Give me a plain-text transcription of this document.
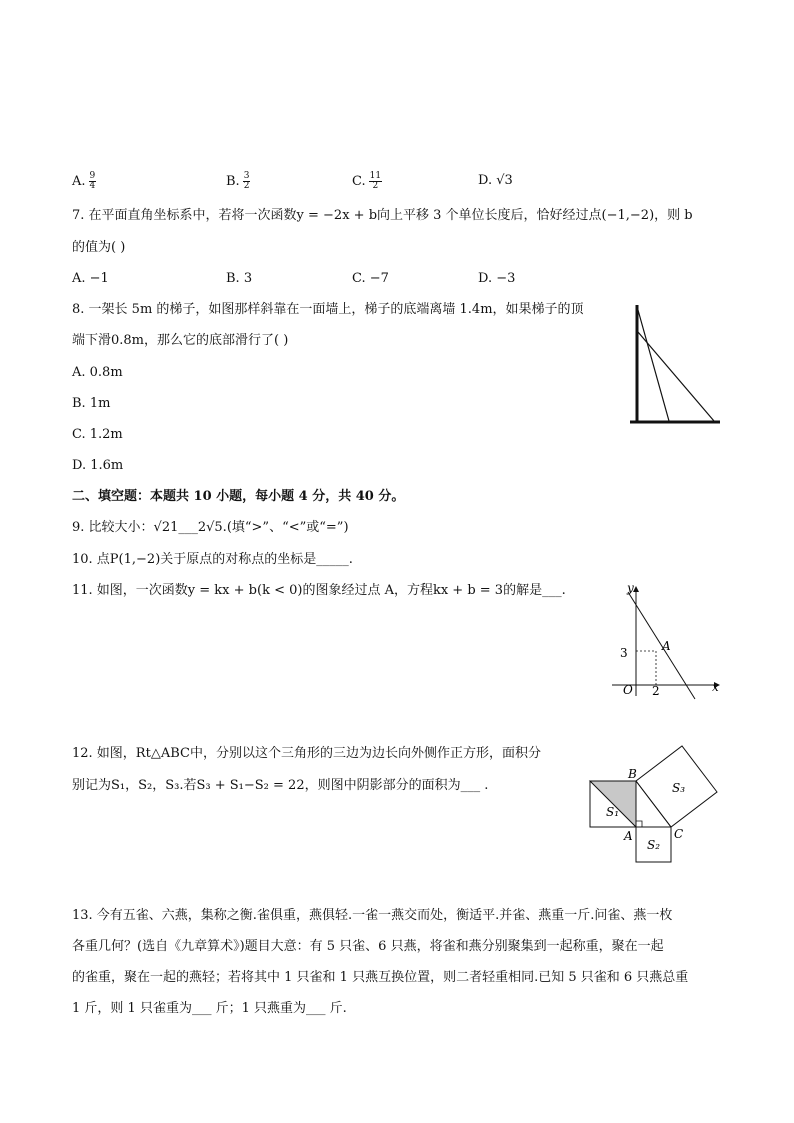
A. $\frac{9}{4}$	B. $\frac{3}{2}$	C. $\frac{11}{2}$	D. √3
7. 在平面直角坐标系中，若将一次函数y = −2x + b向上平移 3 个单位长度后，恰好经过点(−1,−2)，则 b
的值为( )
A. −1	B. 3	C. −7	D. −3
8. 一架长 5m 的梯子，如图那样斜靠在一面墙上，梯子的底端离墙 1.4m，如果梯子的顶
端下滑0.8m，那么它的底部滑行了( )
A. 0.8m
B. 1m
C. 1.2m
D. 1.6m
二、填空题：本题共 10 小题，每小题 4 分，共 40 分。
9. 比较大小：√21___2√5.(填“>”、“<”或“=”)
10. 点P(1,−2)关于原点的对称点的坐标是_____.
11. 如图，一次函数y = kx + b(k < 0)的图象经过点 A，方程kx + b = 3的解是___.	y
x
O
A
3
2
12. 如图，Rt△ABC中，分别以这个三角形的三边为边长向外侧作正方形，面积分
别记为S₁，S₂，S₃.若S₃ + S₁−S₂ = 22，则图中阴影部分的面积为___ .
B
A	C
S₁
S₂
S₃
13. 今有五雀、六燕，集称之衡.雀俱重，燕俱轻.一雀一燕交而处，衡适平.并雀、燕重一斤.问雀、燕一枚
各重几何？(选自《九章算术》)题目大意：有 5 只雀、6 只燕，将雀和燕分别聚集到一起称重，聚在一起
的雀重，聚在一起的燕轻；若将其中 1 只雀和 1 只燕互换位置，则二者轻重相同.已知 5 只雀和 6 只燕总重
1 斤，则 1 只雀重为___ 斤；1 只燕重为___ 斤.
